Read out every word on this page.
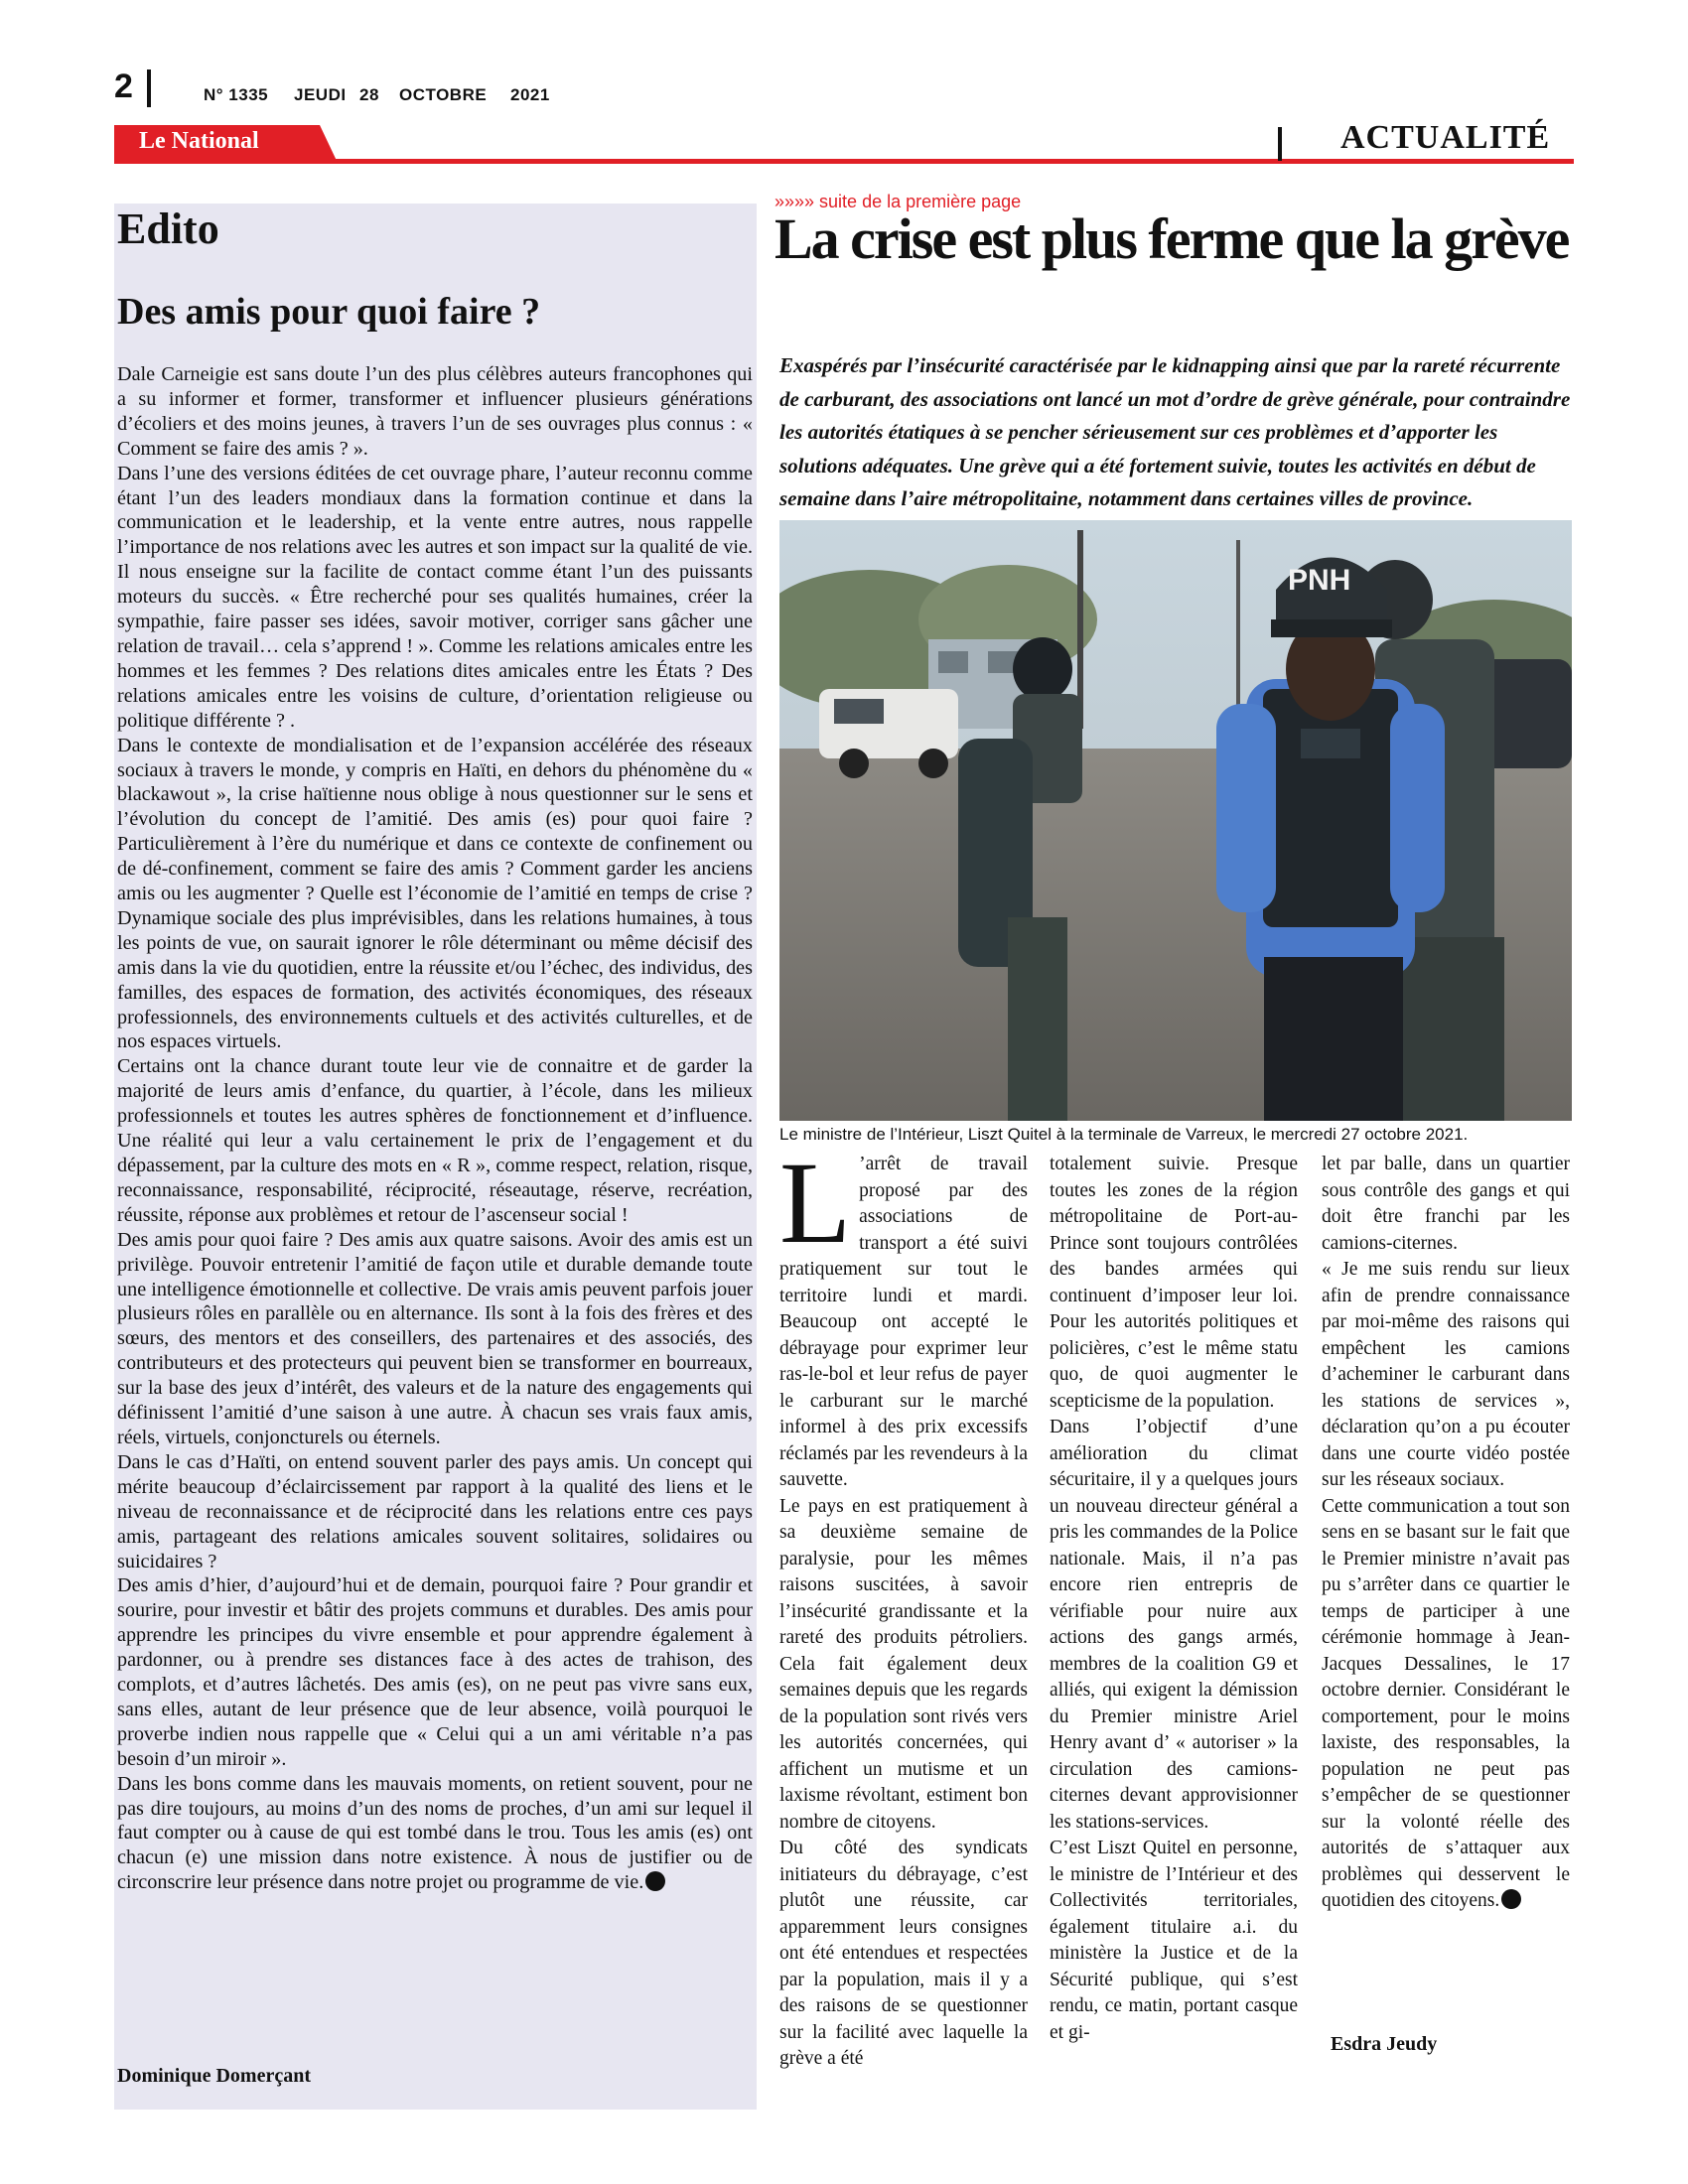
2	N° 1335 JEUDI 28 OCTOBRE 2021
Le National	ACTUALITÉ
Edito
Des amis pour quoi faire ?

Dale Carneigie est sans doute l’un des plus célèbres auteurs francophones qui a su informer et former, transformer et influencer plusieurs générations d’écoliers et des moins jeunes, à travers l’un de ses ouvrages plus connus : « Comment se faire des amis ? ».

Dans l’une des versions éditées de cet ouvrage phare, l’auteur reconnu comme étant l’un des leaders mondiaux dans la formation continue et dans la communication et le leadership, et la vente entre autres, nous rappelle l’importance de nos relations avec les autres et son impact sur la qualité de vie. Il nous enseigne sur la facilite de contact comme étant l’un des puissants moteurs du succès. « Être recherché pour ses qualités humaines, créer la sympathie, faire passer ses idées, savoir motiver, corriger sans gâcher une relation de travail… cela s’apprend ! ». Comme les relations amicales entre les hommes et les femmes ? Des relations dites amicales entre les États ? Des relations amicales entre les voisins de culture, d’orientation religieuse ou politique différente ? .

Dans le contexte de mondialisation et de l’expansion accélérée des réseaux sociaux à travers le monde, y compris en Haïti, en dehors du phénomène du « blackawout », la crise haïtienne nous oblige à nous questionner sur le sens et l’évolution du concept de l’amitié. Des amis (es) pour quoi faire ? Particulièrement à l’ère du numérique et dans ce contexte de confinement ou de dé-confinement, comment se faire des amis ? Comment garder les anciens amis ou les augmenter ? Quelle est l’économie de l’amitié en temps de crise ? Dynamique sociale des plus imprévisibles, dans les relations humaines, à tous les points de vue, on saurait ignorer le rôle déterminant ou même décisif des amis dans la vie du quotidien, entre la réussite et/ou l’échec, des individus, des familles, des espaces de formation, des activités économiques, des réseaux professionnels, des environnements cultuels et des activités culturelles, et de nos espaces virtuels.

Certains ont la chance durant toute leur vie de connaitre et de garder la majorité de leurs amis d’enfance, du quartier, à l’école, dans les milieux professionnels et toutes les autres sphères de fonctionnement et d’influence. Une réalité qui leur a valu certainement le prix de l’engagement et du dépassement, par la culture des mots en « R », comme respect, relation, risque, reconnaissance, responsabilité, réciprocité, réseautage, réserve, recréation, réussite, réponse aux problèmes et retour de l’ascenseur social !

Des amis pour quoi faire ? Des amis aux quatre saisons. Avoir des amis est un privilège. Pouvoir entretenir l’amitié de façon utile et durable demande toute une intelligence émotionnelle et collective. De vrais amis peuvent parfois jouer plusieurs rôles en parallèle ou en alternance. Ils sont à la fois des frères et des sœurs, des mentors et des conseillers, des partenaires et des associés, des contributeurs et des protecteurs qui peuvent bien se transformer en bourreaux, sur la base des jeux d’intérêt, des valeurs et de la nature des engagements qui définissent l’amitié d’une saison à une autre. À chacun ses vrais faux amis, réels, virtuels, conjoncturels ou éternels.

Dans le cas d’Haïti, on entend souvent parler des pays amis. Un concept qui mérite beaucoup d’éclaircissement par rapport à la qualité des liens et le niveau de reconnaissance et de réciprocité dans les relations entre ces pays amis, partageant des relations amicales souvent solitaires, solidaires ou suicidaires ?

Des amis d’hier, d’aujourd’hui et de demain, pourquoi faire ? Pour grandir et sourire, pour investir et bâtir des projets communs et durables. Des amis pour apprendre les principes du vivre ensemble et pour apprendre également à pardonner, ou à prendre ses distances face à des actes de trahison, des complots, et d’autres lâchetés. Des amis (es), on ne peut pas vivre sans eux, sans elles, autant de leur présence que de leur absence, voilà pourquoi le proverbe indien nous rappelle que « Celui qui a un ami véritable n’a pas besoin d’un miroir ».

Dans les bons comme dans les mauvais moments, on retient souvent, pour ne pas dire toujours, au moins d’un des noms de proches, d’un ami sur lequel il faut compter ou à cause de qui est tombé dans le trou. Tous les amis (es) ont chacun (e) une mission dans notre existence. À nous de justifier ou de circonscrire leur présence dans notre projet ou programme de vie.

Dominique Domerçant
»»»» suite de la première page
La crise est plus ferme que la grève
Exaspérés par l’insécurité caractérisée par le kidnapping ainsi que par la rareté récurrente de carburant, des associations ont lancé un mot d’ordre de grève générale, pour contraindre les autorités étatiques à se pencher sérieusement sur ces problèmes et d’apporter les solutions adéquates. Une grève qui a été fortement suivie, toutes les activités en début de semaine dans l’aire métropolitaine, notamment dans certaines villes de province.
PNH
Le ministre de l’Intérieur, Liszt Quitel à la terminale de Varreux, le mercredi 27 octobre 2021.

L ’arrêt de travail proposé par des associations de transport a été suivi pratiquement sur tout le territoire lundi et mardi. Beaucoup ont accepté le débrayage pour exprimer leur ras-le-bol et leur refus de payer le carburant sur le marché informel à des prix excessifs réclamés par les revendeurs à la sauvette.

Le pays en est pratiquement à sa deuxième semaine de paralysie, pour les mêmes raisons suscitées, à savoir l’insécurité grandissante et la rareté des produits pétroliers. Cela fait également deux semaines depuis que les regards de la population sont rivés vers les autorités concernées, qui affichent un mutisme et un laxisme révoltant, estiment bon nombre de citoyens.

Du côté des syndicats initiateurs du débrayage, c’est plutôt une réussite, car apparemment leurs consignes ont été entendues et respectées par la population, mais il y a des raisons de se questionner sur la facilité avec laquelle la grève a été

totalement suivie. Presque toutes les zones de la région métropolitaine de Port-au-Prince sont toujours contrôlées des bandes armées qui continuent d’imposer leur loi. Pour les autorités politiques et policières, c’est le même statu quo, de quoi augmenter le scepticisme de la population.

Dans l’objectif d’une amélioration du climat sécuritaire, il y a quelques jours un nouveau directeur général a pris les commandes de la Police nationale. Mais, il n’a pas encore rien entrepris de vérifiable pour nuire aux actions des gangs armés, membres de la coalition G9 et alliés, qui exigent la démission du Premier ministre Ariel Henry avant d’ « autoriser » la circulation des camions-citernes devant approvisionner les stations-services.

C’est Liszt Quitel en personne, le ministre de l’Intérieur et des Collectivités territoriales, également titulaire a.i. du ministère la Justice et de la Sécurité publique, qui s’est rendu, ce matin, portant casque et gi-

let par balle, dans un quartier sous contrôle des gangs et qui doit être franchi par les camions-citernes.

« Je me suis rendu sur lieux afin de prendre connaissance par moi-même des raisons qui empêchent les camions d’acheminer le carburant dans les stations de services », déclaration qu’on a pu écouter dans une courte vidéo postée sur les réseaux sociaux.

Cette communication a tout son sens en se basant sur le fait que le Premier ministre n’avait pas pu s’arrêter dans ce quartier le temps de participer à une cérémonie hommage à Jean-Jacques Dessalines, le 17 octobre dernier. Considérant le comportement, pour le moins laxiste, des responsables, la population ne peut pas s’empêcher de se questionner sur la volonté réelle des autorités de s’attaquer aux problèmes qui desservent le quotidien des citoyens.

Esdra Jeudy
